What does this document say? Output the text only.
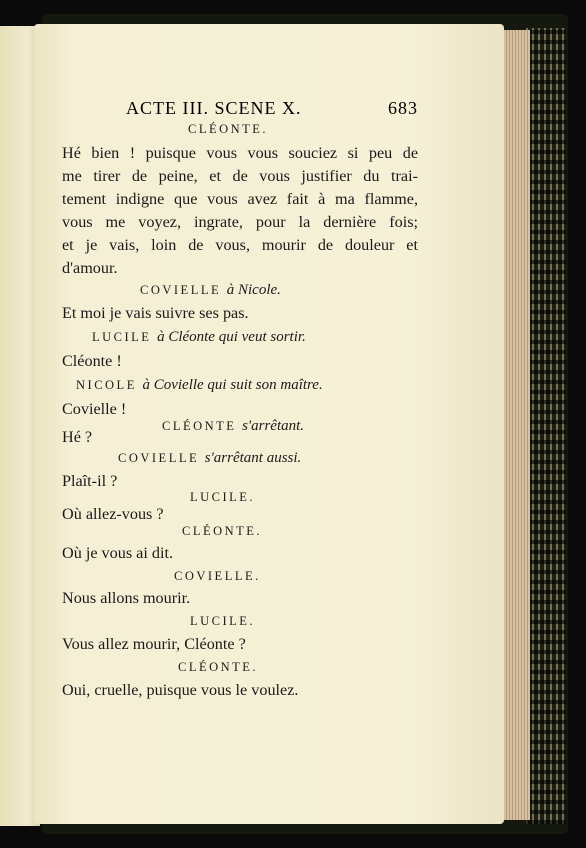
ACTE III. SCENE X.	683
CLÉONTE.
Hé bien ! puisque vous vous souciez si peu de
me tirer de peine, et de vous justifier du trai-
tement indigne que vous avez fait à ma flamme,
vous me voyez, ingrate, pour la dernière fois;
et je vais, loin de vous, mourir de douleur et
d'amour.
COVIELLE à Nicole.
Et moi je vais suivre ses pas.
LUCILE à Cléonte qui veut sortir.
Cléonte !
NICOLE à Covielle qui suit son maître.
Covielle !
CLÉONTE s'arrêtant.
Hé ?
COVIELLE s'arrêtant aussi.
Plaît-il ?
LUCILE.
Où allez-vous ?
CLÉONTE.
Où je vous ai dit.
COVIELLE.
Nous allons mourir.
LUCILE.
Vous allez mourir, Cléonte ?
CLÉONTE.
Oui, cruelle, puisque vous le voulez.
